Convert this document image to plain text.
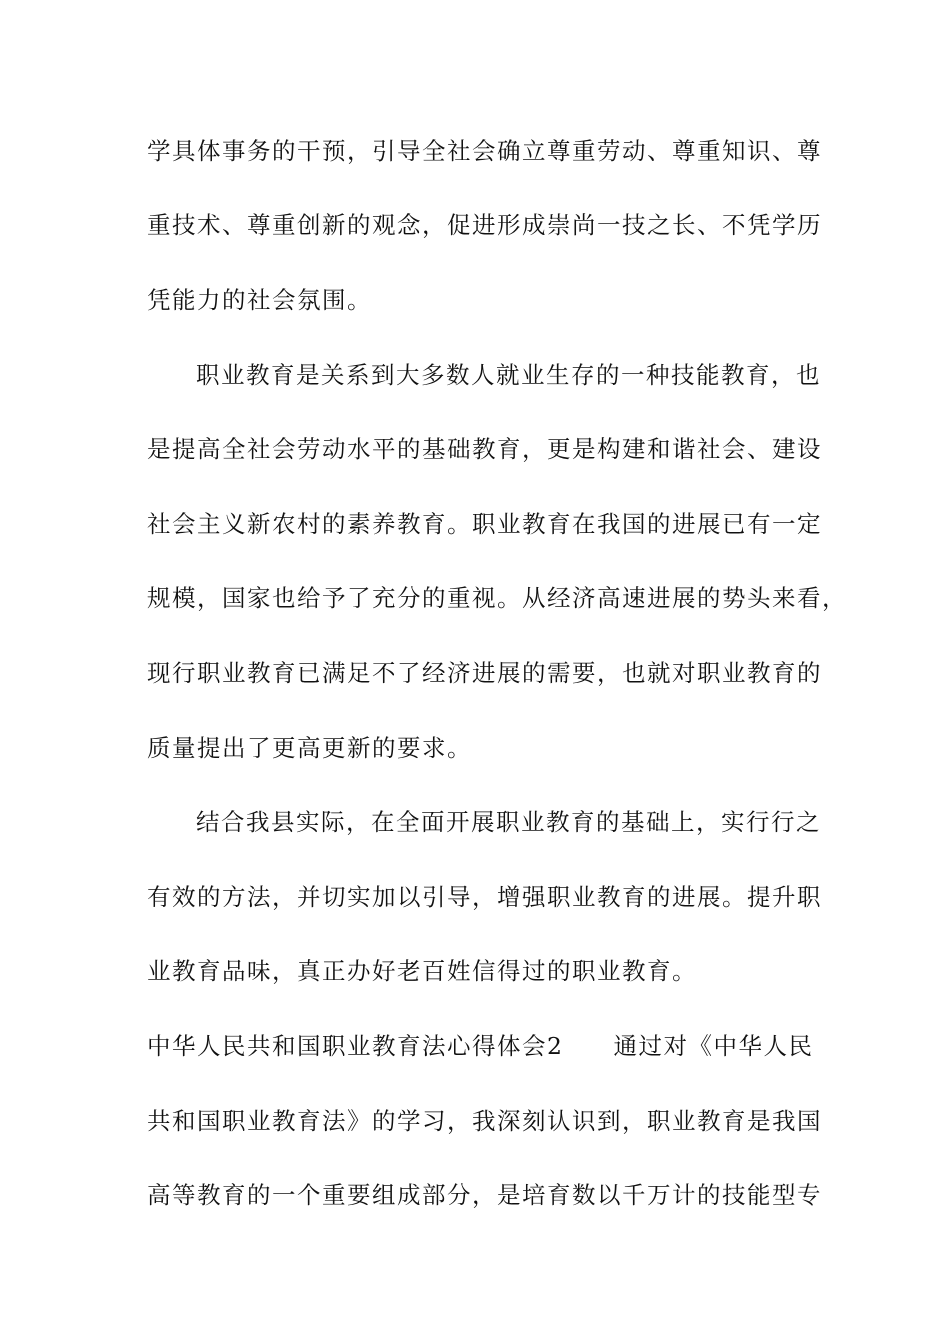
学具体事务的干预，引导全社会确立尊重劳动、尊重知识、尊
重技术、尊重创新的观念，促进形成崇尚一技之长、不凭学历
凭能力的社会氛围。
职业教育是关系到大多数人就业生存的一种技能教育，也
是提高全社会劳动水平的基础教育，更是构建和谐社会、建设
社会主义新农村的素养教育。职业教育在我国的进展已有一定
规模，国家也给予了充分的重视。从经济高速进展的势头来看，
现行职业教育已满足不了经济进展的需要，也就对职业教育的
质量提出了更高更新的要求。
结合我县实际，在全面开展职业教育的基础上，实行行之
有效的方法，并切实加以引导，增强职业教育的进展。提升职
业教育品味，真正办好老百姓信得过的职业教育。
中华人民共和国职业教育法心得体会2　　通过对《中华人民
共和国职业教育法》的学习，我深刻认识到，职业教育是我国
高等教育的一个重要组成部分，是培育数以千万计的技能型专
